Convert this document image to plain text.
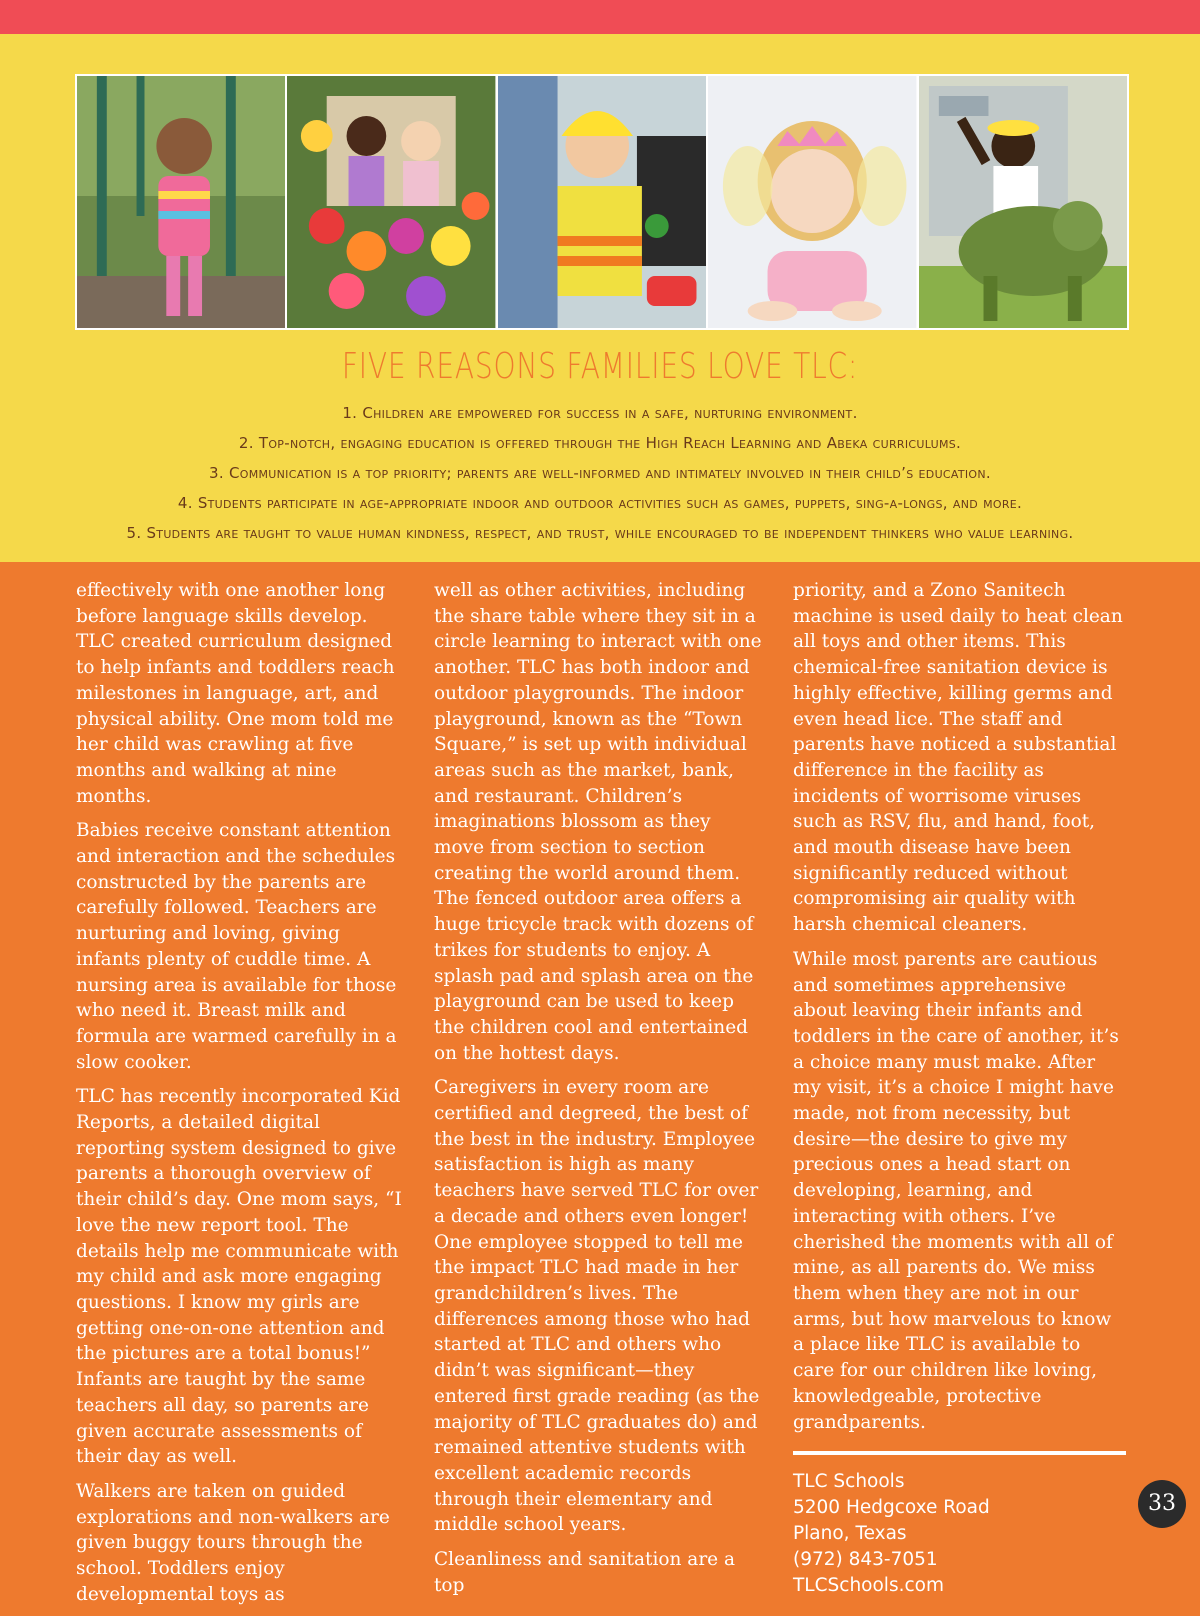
FIVE REASONS FAMILIES LOVE TLC:
1. Children are empowered for success in a safe, nurturing environment.
2. Top-notch, engaging education is offered through the High Reach Learning and Abeka curriculums.
3. Communication is a top priority; parents are well-informed and intimately involved in their child’s education.
4. Students participate in age-appropriate indoor and outdoor activities such as games, puppets, sing-a-longs, and more.
5. Students are taught to value human kindness, respect, and trust, while encouraged to be independent thinkers who value learning.

effectively with one another long before language skills develop. TLC created curriculum designed to help infants and toddlers reach milestones in language, art, and physical ability. One mom told me her child was crawling at five months and walking at nine months.

Babies receive constant attention and interaction and the schedules constructed by the parents are carefully followed. Teachers are nurturing and loving, giving infants plenty of cuddle time. A nursing area is available for those who need it. Breast milk and formula are warmed carefully in a slow cooker.

TLC has recently incorporated Kid Reports, a detailed digital reporting system designed to give parents a thorough overview of their child’s day. One mom says, “I love the new report tool. The details help me communicate with my child and ask more engaging questions. I know my girls are getting one-on-one attention and the pictures are a total bonus!” Infants are taught by the same teachers all day, so parents are given accurate assessments of their day as well.

Walkers are taken on guided explorations and non-walkers are given buggy tours through the school. Toddlers enjoy developmental toys as

well as other activities, including the share table where they sit in a circle learning to interact with one another. TLC has both indoor and outdoor playgrounds. The indoor playground, known as the “Town Square,” is set up with individual areas such as the market, bank, and restaurant. Children’s imaginations blossom as they move from section to section creating the world around them. The fenced outdoor area offers a huge tricycle track with dozens of trikes for students to enjoy. A splash pad and splash area on the playground can be used to keep the children cool and entertained on the hottest days.

Caregivers in every room are certified and degreed, the best of the best in the industry. Employee satisfaction is high as many teachers have served TLC for over a decade and others even longer! One employee stopped to tell me the impact TLC had made in her grandchildren’s lives. The differences among those who had started at TLC and others who didn’t was significant—they entered first grade reading (as the majority of TLC graduates do) and remained attentive students with excellent academic records through their elementary and middle school years.

Cleanliness and sanitation are a top

priority, and a Zono Sanitech machine is used daily to heat clean all toys and other items. This chemical-free sanitation device is highly effective, killing germs and even head lice. The staff and parents have noticed a substantial difference in the facility as incidents of worrisome viruses such as RSV, flu, and hand, foot, and mouth disease have been significantly reduced without compromising air quality with harsh chemical cleaners.

While most parents are cautious and sometimes apprehensive about leaving their infants and toddlers in the care of another, it’s a choice many must make. After my visit, it’s a choice I might have made, not from necessity, but desire—the desire to give my precious ones a head start on developing, learning, and interacting with others. I’ve cherished the moments with all of mine, as all parents do. We miss them when they are not in our arms, but how marvelous to know a place like TLC is available to care for our children like loving, knowledgeable, protective grandparents.

TLC Schools
5200 Hedgcoxe Road
Plano, Texas
(972) 843-7051
TLCSchools.com
33
